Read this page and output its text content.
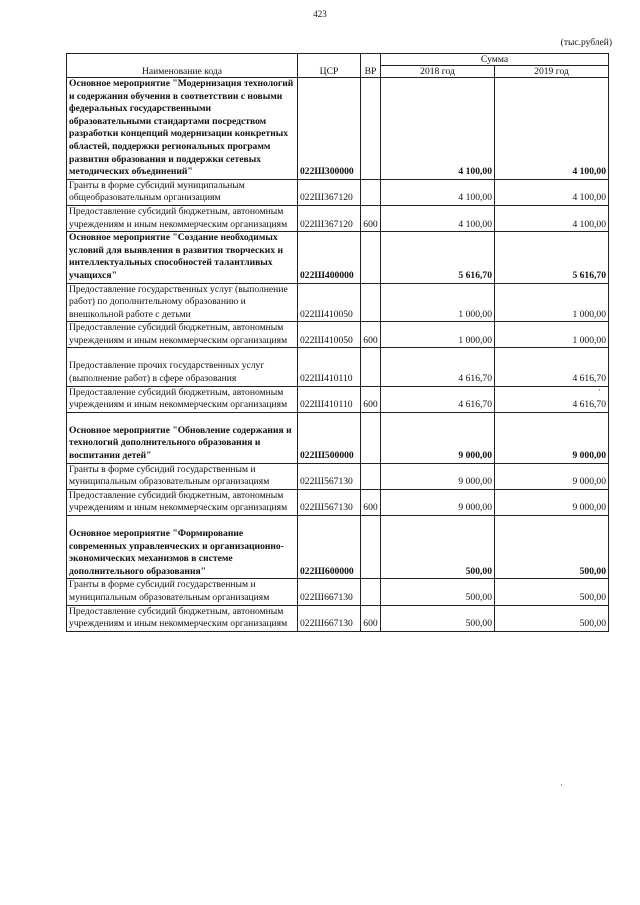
423
(тыс.рублей)
Наименование кода	ЦСР	ВР	Сумма	
			2018 год	2019 год
Основное мероприятие "Модернизация технологий и содержания обучения в соответствии с новыми федеральных государственными образовательными стандартами посредством разработки концепций модернизации конкретных областей, поддержки региональных программ развития образования и поддержки сетевых методических объединений"	022Ш300000		4 100,00	4 100,00
Гранты в форме субсидий муниципальным общеобразовательным организациям	022Ш367120		4 100,00	4 100,00
Предоставление субсидий бюджетным, автономным учреждениям и иным некоммерческим организациям	022Ш367120	600	4 100,00	4 100,00
Основное мероприятие "Создание необходимых условий для выявления в развития творческих и интеллектуальных способностей талантливых учащихся"	022Ш400000		5 616,70	5 616,70
Предоставление государственных услуг (выполнение работ) по дополнительному образованию и внешкольной работе с детьми	022Ш410050		1 000,00	1 000,00
Предоставление субсидий бюджетным, автономным учреждениям и иным некоммерческим организациям	022Ш410050	600	1 000,00	1 000,00
Предоставление прочих государственных услуг (выполнение работ) в сфере образования	022Ш410110		4 616,70	4 616,70
Предоставление субсидий бюджетным, автономным учреждениям и иным некоммерческим организациям	022Ш410110	600	4 616,70	4 616,70
Основное мероприятие "Обновление содержания и технологий дополнительного образования и воспитания детей"	022Ш500000		9 000,00	9 000,00
Гранты в форме субсидий государственным и муниципальным образовательным организациям	022Ш567130		9 000,00	9 000,00
Предоставление субсидий бюджетным, автономным учреждениям и иным некоммерческим организациям	022Ш567130	600	9 000,00	9 000,00
Основное мероприятие "Формирование современных управленческих и организационно-экономических механизмов в системе дополнительного образования"	022Ш600000		500,00	500,00
Гранты в форме субсидий государственным и муниципальным образовательным организациям	022Ш667130		500,00	500,00
Предоставление субсидий бюджетным, автономным учреждениям и иным некоммерческим организациям	022Ш667130	600	500,00	500,00
·
·
